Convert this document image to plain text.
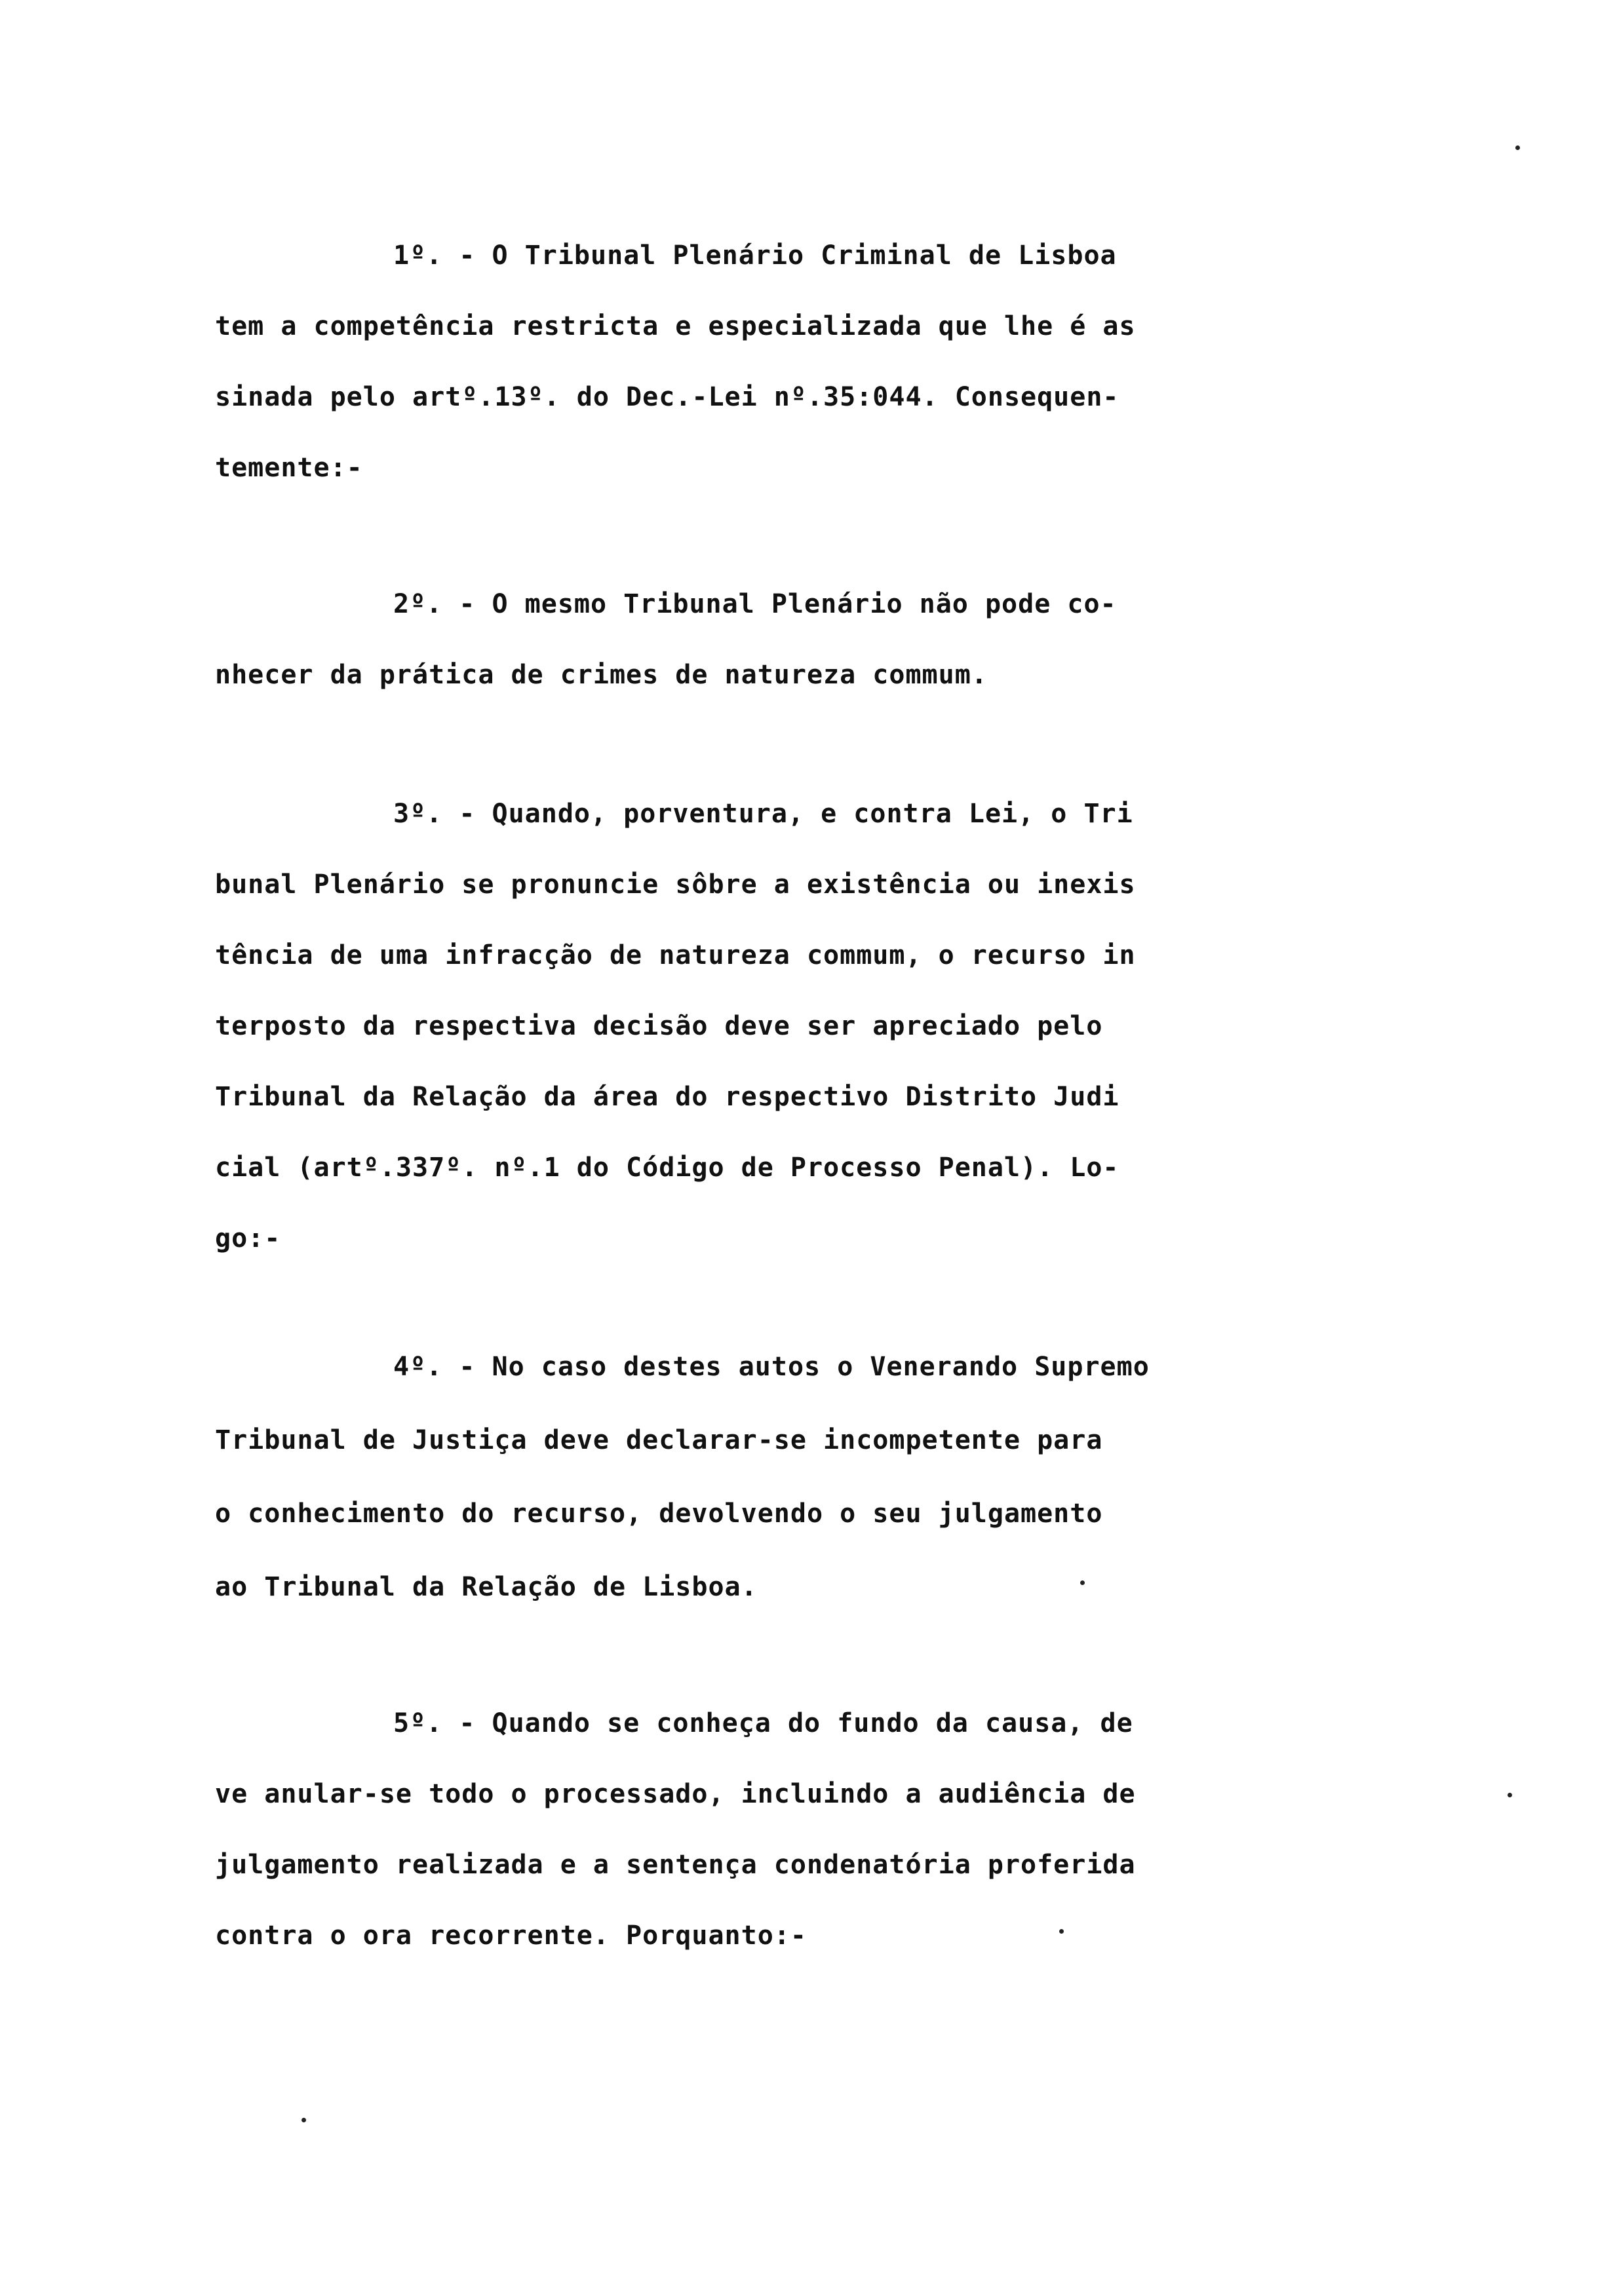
1º. - O Tribunal Plenário Criminal de Lisboa
tem a competência restricta e especializada que lhe é as
sinada pelo artº.13º. do Dec.-Lei nº.35:044. Consequen-
temente:-
2º. - O mesmo Tribunal Plenário não pode co-
nhecer da prática de crimes de natureza commum.
3º. - Quando, porventura, e contra Lei, o Tri
bunal Plenário se pronuncie sôbre a existência ou inexis
tência de uma infracção de natureza commum, o recurso in
terposto da respectiva decisão deve ser apreciado pelo
Tribunal da Relação da área do respectivo Distrito Judi
cial (artº.337º. nº.1 do Código de Processo Penal). Lo-
go:-
4º. - No caso destes autos o Venerando Supremo
Tribunal de Justiça deve declarar-se incompetente para
o conhecimento do recurso, devolvendo o seu julgamento
ao Tribunal da Relação de Lisboa.
5º. - Quando se conheça do fundo da causa, de
ve anular-se todo o processado, incluindo a audiência de
julgamento realizada e a sentença condenatória proferida
contra o ora recorrente. Porquanto:-
